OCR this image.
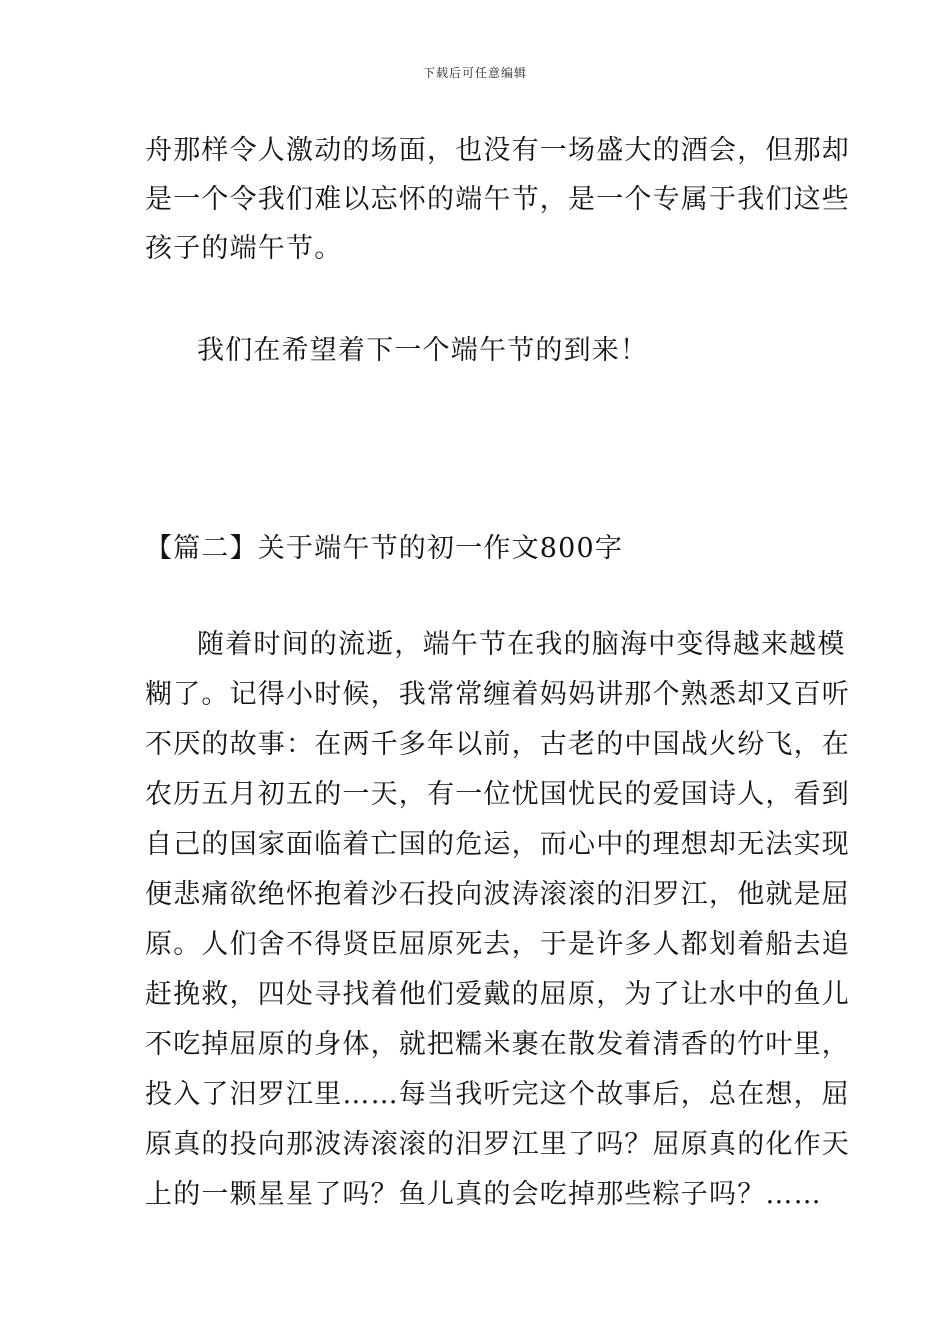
下载后可任意编辑
舟那样令人激动的场面，也没有一场盛大的酒会，但那却
是一个令我们难以忘怀的端午节，是一个专属于我们这些
孩子的端午节。
我们在希望着下一个端午节的到来！
【篇二】关于端午节的初一作文800字
随着时间的流逝，端午节在我的脑海中变得越来越模
糊了。记得小时候，我常常缠着妈妈讲那个熟悉却又百听
不厌的故事：在两千多年以前，古老的中国战火纷飞，在
农历五月初五的一天，有一位忧国忧民的爱国诗人，看到
自己的国家面临着亡国的危运，而心中的理想却无法实现
便悲痛欲绝怀抱着沙石投向波涛滚滚的汨罗江，他就是屈
原。人们舍不得贤臣屈原死去，于是许多人都划着船去追
赶挽救，四处寻找着他们爱戴的屈原，为了让水中的鱼儿
不吃掉屈原的身体，就把糯米裹在散发着清香的竹叶里，
投入了汨罗江里……每当我听完这个故事后，总在想，屈
原真的投向那波涛滚滚的汨罗江里了吗？屈原真的化作天
上的一颗星星了吗？鱼儿真的会吃掉那些粽子吗？……
